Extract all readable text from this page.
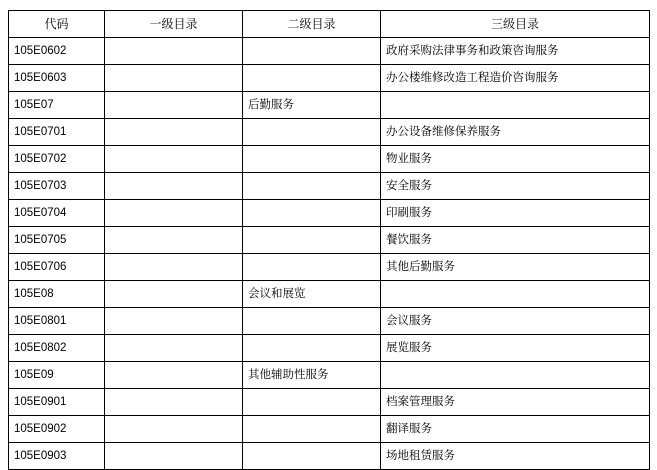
代码	一级目录	二级目录	三级目录
105E0602			政府采购法律事务和政策咨询服务
105E0603			办公楼维修改造工程造价咨询服务
105E07		后勤服务	
105E0701			办公设备维修保养服务
105E0702			物业服务
105E0703			安全服务
105E0704			印刷服务
105E0705			餐饮服务
105E0706			其他后勤服务
105E08		会议和展览	
105E0801			会议服务
105E0802			展览服务
105E09		其他辅助性服务	
105E0901			档案管理服务
105E0902			翻译服务
105E0903			场地租赁服务
